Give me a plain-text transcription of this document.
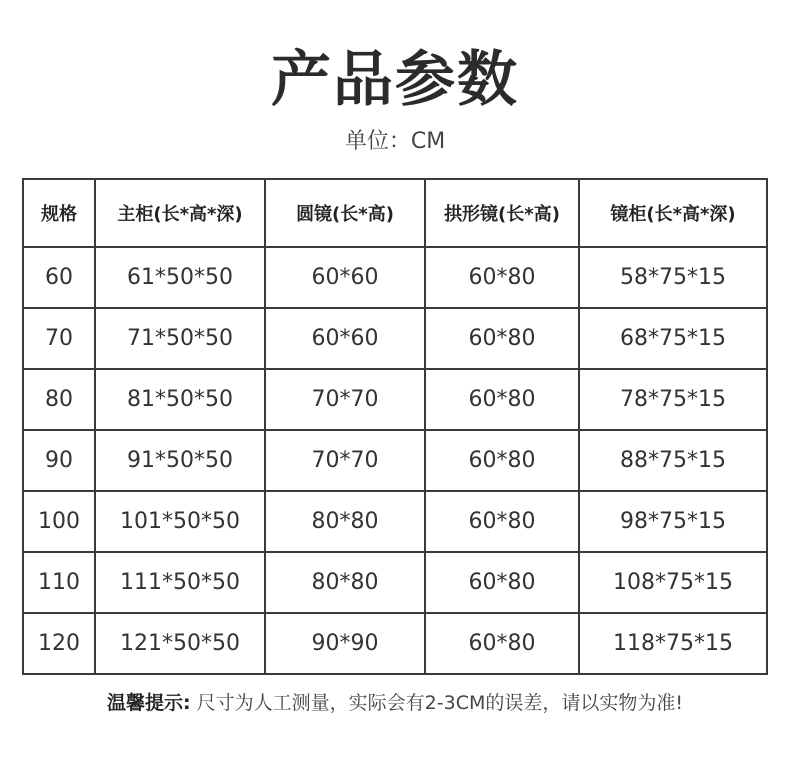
产品参数
单位：CM
规格	主柜(长*高*深)	圆镜(长*高)	拱形镜(长*高)	镜柜(长*高*深)
60	61*50*50	60*60	60*80	58*75*15
70	71*50*50	60*60	60*80	68*75*15
80	81*50*50	70*70	60*80	78*75*15
90	91*50*50	70*70	60*80	88*75*15
100	101*50*50	80*80	60*80	98*75*15
110	111*50*50	80*80	60*80	108*75*15
120	121*50*50	90*90	60*80	118*75*15
温馨提示: 尺寸为人工测量，实际会有2-3CM的误差，请以实物为准!
